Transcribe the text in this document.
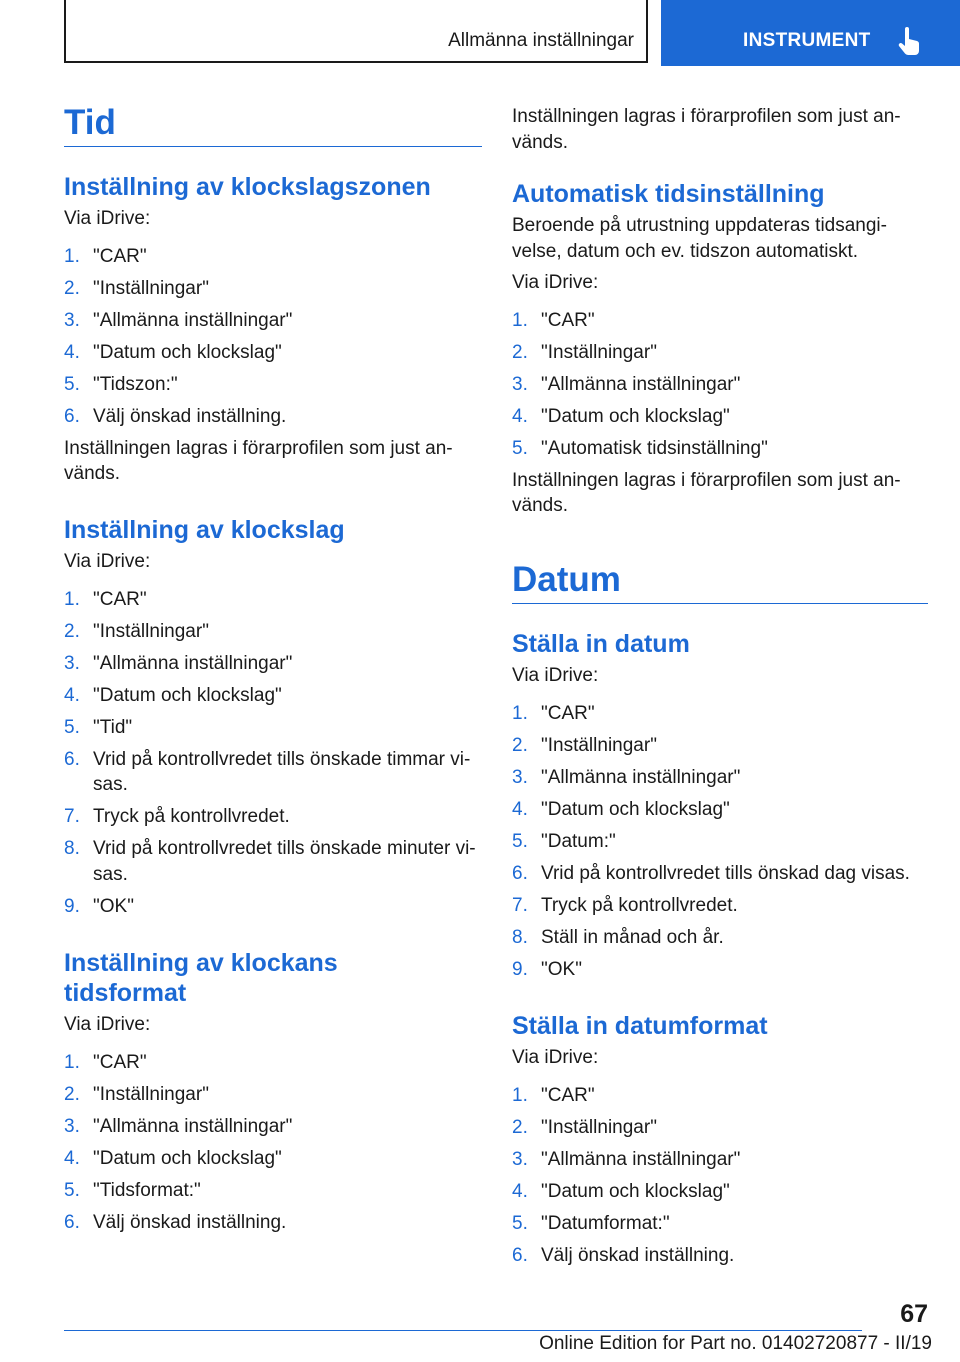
Allmänna inställningar	INSTRUMENT
Tid
Inställning av klockslagszonen

Via iDrive:

1. "CAR"
2. "Inställningar"
3. "Allmänna inställningar"
4. "Datum och klockslag"
5. "Tidszon:"
6. Välj önskad inställning.

Inställningen lagras i förarprofilen som just an-vänds.

Inställning av klockslag

Via iDrive:

1. "CAR"
2. "Inställningar"
3. "Allmänna inställningar"
4. "Datum och klockslag"
5. "Tid"
6. Vrid på kontrollvredet tills önskade timmar vi-sas.
7. Tryck på kontrollvredet.
8. Vrid på kontrollvredet tills önskade minuter vi-sas.
9. "OK"
Inställning av klockans tidsformat

Via iDrive:

1. "CAR"
2. "Inställningar"
3. "Allmänna inställningar"
4. "Datum och klockslag"
5. "Tidsformat:"
6. Välj önskad inställning.

Inställningen lagras i förarprofilen som just an-vänds.

Automatisk tidsinställning

Beroende på utrustning uppdateras tidsangi-velse, datum och ev. tidszon automatiskt.

Via iDrive:

1. "CAR"
2. "Inställningar"
3. "Allmänna inställningar"
4. "Datum och klockslag"
5. "Automatisk tidsinställning"

Inställningen lagras i förarprofilen som just an-vänds.

Datum
Ställa in datum

Via iDrive:

1. "CAR"
2. "Inställningar"
3. "Allmänna inställningar"
4. "Datum och klockslag"
5. "Datum:"
6. Vrid på kontrollvredet tills önskad dag visas.
7. Tryck på kontrollvredet.
8. Ställ in månad och år.
9. "OK"
Ställa in datumformat

Via iDrive:

1. "CAR"
2. "Inställningar"
3. "Allmänna inställningar"
4. "Datum och klockslag"
5. "Datumformat:"
6. Välj önskad inställning.
67
Online Edition for Part no. 01402720877 - II/19
